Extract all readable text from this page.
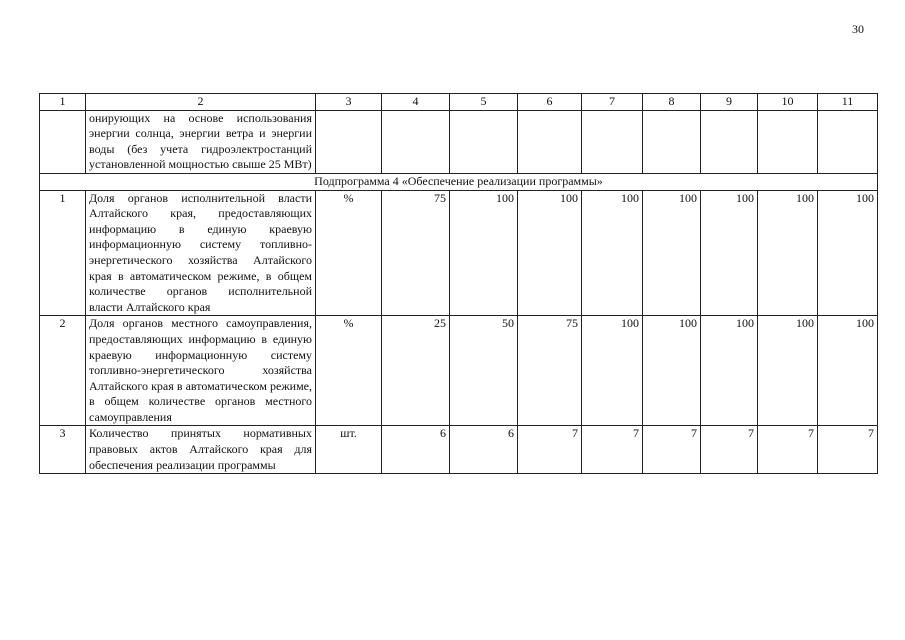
30
1	2	3	4	5	6	7	8	9	10	11
	онирующих на основе использования энергии солнца, энергии ветра и энергии воды (без учета гидроэлектростанций установленной мощностью свыше 25 МВт)									
Подпрограмма 4 «Обеспечение реализации программы»										
1	Доля органов исполнительной власти Алтайского края, предоставляющих информацию в единую краевую информационную систему топливно-энергетического хозяйства Алтайского края в автоматическом режиме, в общем количестве органов исполнительной власти Алтайского края	%	75	100	100	100	100	100	100	100
2	Доля органов местного самоуправления, предоставляющих информацию в единую краевую информационную систему топливно-энергетического хозяйства Алтайского края в автоматическом режиме, в общем количестве органов местного самоуправления	%	25	50	75	100	100	100	100	100
3	Количество принятых нормативных правовых актов Алтайского края для обеспечения реализации программы	шт.	6	6	7	7	7	7	7	7
